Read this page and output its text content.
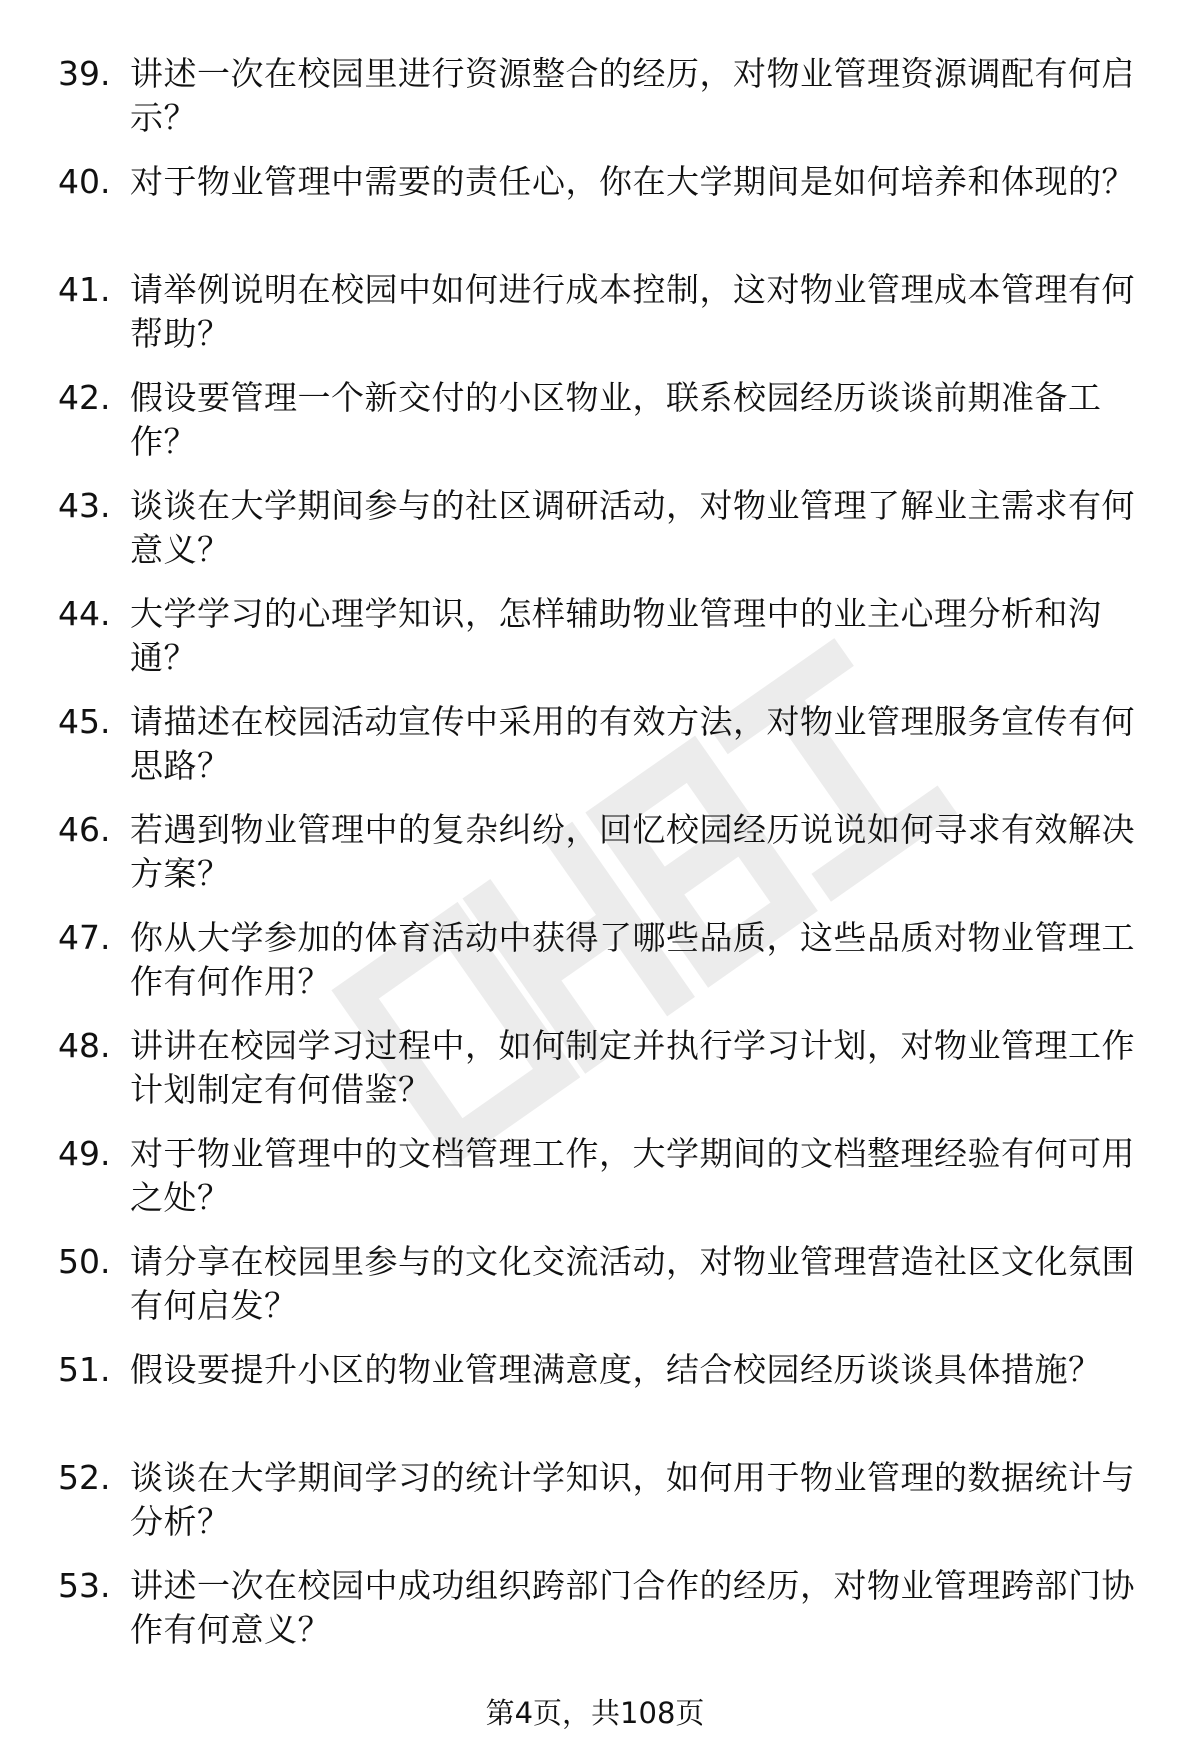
39. 讲述一次在校园里进行资源整合的经历，对物业管理资源调配有何启示？
40. 对于物业管理中需要的责任心，你在大学期间是如何培养和体现的？
41. 请举例说明在校园中如何进行成本控制，这对物业管理成本管理有何帮助？
42. 假设要管理一个新交付的小区物业，联系校园经历谈谈前期准备工作？
43. 谈谈在大学期间参与的社区调研活动，对物业管理了解业主需求有何意义？
44. 大学学习的心理学知识，怎样辅助物业管理中的业主心理分析和沟通？
45. 请描述在校园活动宣传中采用的有效方法，对物业管理服务宣传有何思路？
46. 若遇到物业管理中的复杂纠纷，回忆校园经历说说如何寻求有效解决方案？
47. 你从大学参加的体育活动中获得了哪些品质，这些品质对物业管理工作有何作用？
48. 讲讲在校园学习过程中，如何制定并执行学习计划，对物业管理工作计划制定有何借鉴？
49. 对于物业管理中的文档管理工作，大学期间的文档整理经验有何可用之处？
50. 请分享在校园里参与的文化交流活动，对物业管理营造社区文化氛围有何启发？
51. 假设要提升小区的物业管理满意度，结合校园经历谈谈具体措施？
52. 谈谈在大学期间学习的统计学知识，如何用于物业管理的数据统计与分析？
53. 讲述一次在校园中成功组织跨部门合作的经历，对物业管理跨部门协作有何意义？
第4页，共108页
